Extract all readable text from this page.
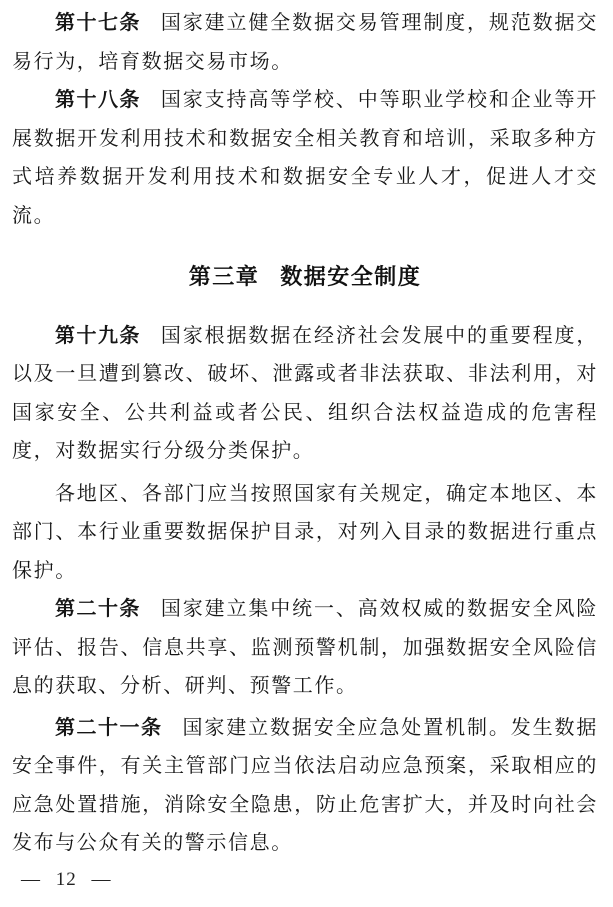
第十七条 国家建立健全数据交易管理制度，规范数据交易行为，培育数据交易市场。

第十八条 国家支持高等学校、中等职业学校和企业等开展数据开发利用技术和数据安全相关教育和培训，采取多种方式培养数据开发利用技术和数据安全专业人才，促进人才交流。

第三章 数据安全制度

第十九条 国家根据数据在经济社会发展中的重要程度，以及一旦遭到篡改、破坏、泄露或者非法获取、非法利用，对国家安全、公共利益或者公民、组织合法权益造成的危害程度，对数据实行分级分类保护。

各地区、各部门应当按照国家有关规定，确定本地区、本部门、本行业重要数据保护目录，对列入目录的数据进行重点保护。

第二十条 国家建立集中统一、高效权威的数据安全风险评估、报告、信息共享、监测预警机制，加强数据安全风险信息的获取、分析、研判、预警工作。

第二十一条 国家建立数据安全应急处置机制。发生数据安全事件，有关主管部门应当依法启动应急预案，采取相应的应急处置措施，消除安全隐患，防止危害扩大，并及时向社会发布与公众有关的警示信息。

— 12 —
